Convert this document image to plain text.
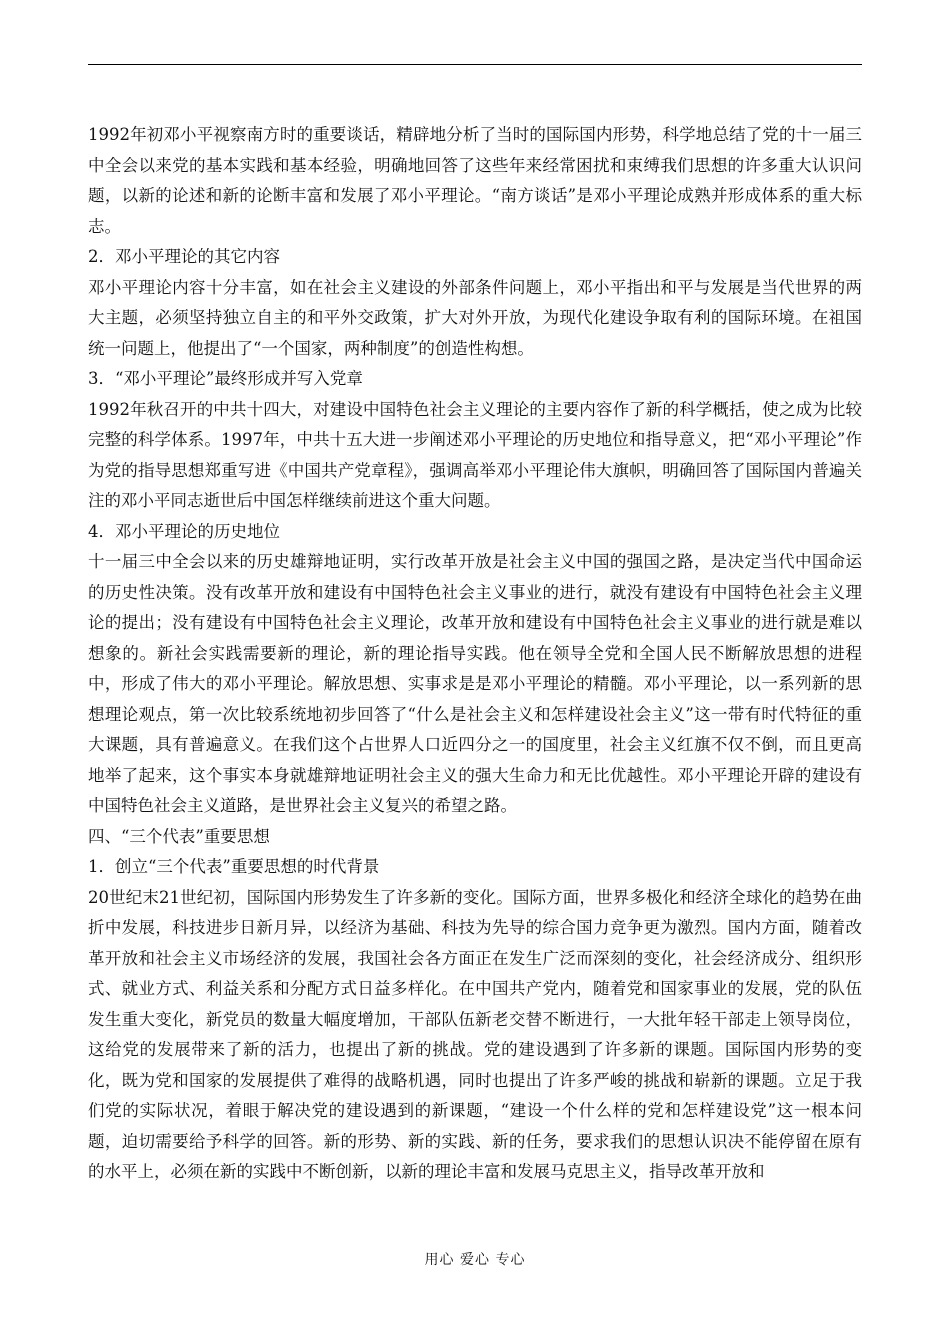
1992年初邓小平视察南方时的重要谈话，精辟地分析了当时的国际国内形势，科学地总结了党的十一届三中全会以来党的基本实践和基本经验，明确地回答了这些年来经常困扰和束缚我们思想的许多重大认识问题，以新的论述和新的论断丰富和发展了邓小平理论。“南方谈话”是邓小平理论成熟并形成体系的重大标志。

2．邓小平理论的其它内容

邓小平理论内容十分丰富，如在社会主义建设的外部条件问题上，邓小平指出和平与发展是当代世界的两大主题，必须坚持独立自主的和平外交政策，扩大对外开放，为现代化建设争取有利的国际环境。在祖国统一问题上，他提出了“一个国家，两种制度”的创造性构想。

3．“邓小平理论”最终形成并写入党章

1992年秋召开的中共十四大，对建设中国特色社会主义理论的主要内容作了新的科学概括，使之成为比较完整的科学体系。1997年，中共十五大进一步阐述邓小平理论的历史地位和指导意义，把“邓小平理论”作为党的指导思想郑重写进《中国共产党章程》，强调高举邓小平理论伟大旗帜，明确回答了国际国内普遍关注的邓小平同志逝世后中国怎样继续前进这个重大问题。

4．邓小平理论的历史地位

十一届三中全会以来的历史雄辩地证明，实行改革开放是社会主义中国的强国之路，是决定当代中国命运的历史性决策。没有改革开放和建设有中国特色社会主义事业的进行，就没有建设有中国特色社会主义理论的提出；没有建设有中国特色社会主义理论，改革开放和建设有中国特色社会主义事业的进行就是难以想象的。新社会实践需要新的理论，新的理论指导实践。他在领导全党和全国人民不断解放思想的进程中，形成了伟大的邓小平理论。解放思想、实事求是是邓小平理论的精髓。邓小平理论，以一系列新的思想理论观点，第一次比较系统地初步回答了“什么是社会主义和怎样建设社会主义”这一带有时代特征的重大课题，具有普遍意义。在我们这个占世界人口近四分之一的国度里，社会主义红旗不仅不倒，而且更高地举了起来，这个事实本身就雄辩地证明社会主义的强大生命力和无比优越性。邓小平理论开辟的建设有中国特色社会主义道路，是世界社会主义复兴的希望之路。

四、“三个代表”重要思想

1．创立“三个代表”重要思想的时代背景

20世纪末21世纪初，国际国内形势发生了许多新的变化。国际方面，世界多极化和经济全球化的趋势在曲折中发展，科技进步日新月异，以经济为基础、科技为先导的综合国力竞争更为激烈。国内方面，随着改革开放和社会主义市场经济的发展，我国社会各方面正在发生广泛而深刻的变化，社会经济成分、组织形式、就业方式、利益关系和分配方式日益多样化。在中国共产党内，随着党和国家事业的发展，党的队伍发生重大变化，新党员的数量大幅度增加，干部队伍新老交替不断进行，一大批年轻干部走上领导岗位，这给党的发展带来了新的活力，也提出了新的挑战。党的建设遇到了许多新的课题。国际国内形势的变化，既为党和国家的发展提供了难得的战略机遇，同时也提出了许多严峻的挑战和崭新的课题。立足于我们党的实际状况，着眼于解决党的建设遇到的新课题，“建设一个什么样的党和怎样建设党”这一根本问题，迫切需要给予科学的回答。新的形势、新的实践、新的任务，要求我们的思想认识决不能停留在原有的水平上，必须在新的实践中不断创新，以新的理论丰富和发展马克思主义，指导改革开放和

用心 爱心 专心
